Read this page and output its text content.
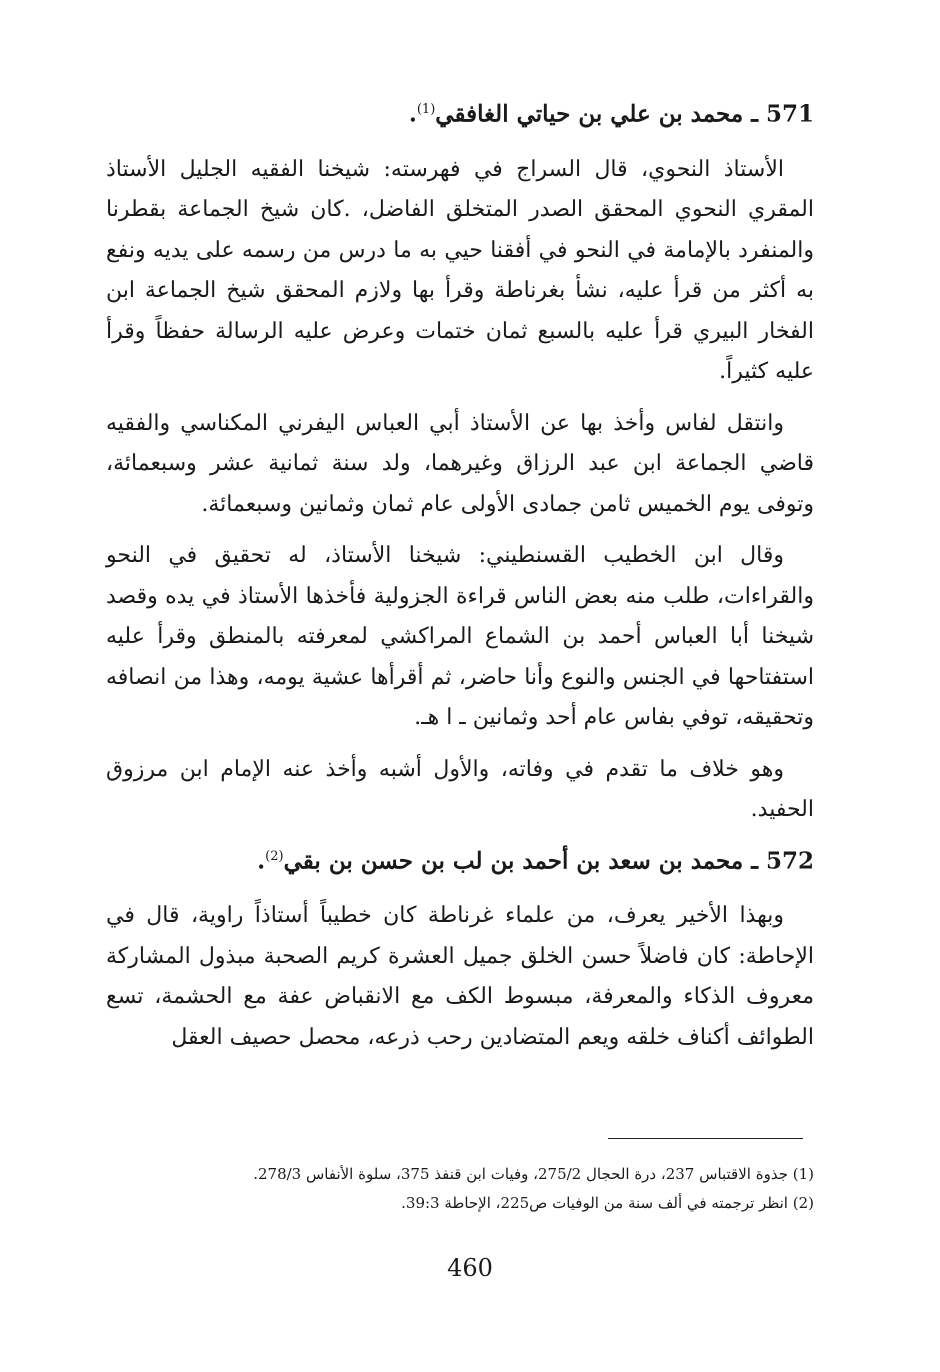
571 ـ محمد بن علي بن حياتي الغافقي$^{(1)}$.

الأستاذ النحوي، قال السراج في فهرسته: شيخنا الفقيه الجليل الأستاذ المقري النحوي المحقق الصدر المتخلق الفاضل، .كان شيخ الجماعة بقطرنا والمنفرد بالإمامة في النحو في أفقنا حيي به ما درس من رسمه على يديه ونفع به أكثر من قرأ عليه، نشأ بغرناطة وقرأ بها ولازم المحقق شيخ الجماعة ابن الفخار البيري قرأ عليه بالسبع ثمان ختمات وعرض عليه الرسالة حفظاً وقرأ عليه كثيراً.

وانتقل لفاس وأخذ بها عن الأستاذ أبي العباس اليفرني المكناسي والفقيه قاضي الجماعة ابن عبد الرزاق وغيرهما، ولد سنة ثمانية عشر وسبعمائة، وتوفى يوم الخميس ثامن جمادى الأولى عام ثمان وثمانين وسبعمائة.

وقال ابن الخطيب القسنطيني: شيخنا الأستاذ، له تحقيق في النحو والقراءات، طلب منه بعض الناس قراءة الجزولية فأخذها الأستاذ في يده وقصد شيخنا أبا العباس أحمد بن الشماع المراكشي لمعرفته بالمنطق وقرأ عليه استفتاحها في الجنس والنوع وأنا حاضر، ثم أقرأها عشية يومه، وهذا من انصافه وتحقيقه، توفي بفاس عام أحد وثمانين ـ ا هـ.

وهو خلاف ما تقدم في وفاته، والأول أشبه وأخذ عنه الإمام ابن مرزوق الحفيد.

572 ـ محمد بن سعد بن أحمد بن لب بن حسن بن بقي$^{(2)}$.

وبهذا الأخير يعرف، من علماء غرناطة كان خطيباً أستاذاً راوية، قال في الإحاطة: كان فاضلاً حسن الخلق جميل العشرة كريم الصحبة مبذول المشاركة معروف الذكاء والمعرفة، مبسوط الكف مع الانقباض عفة مع الحشمة، تسع الطوائف أكناف خلقه ويعم المتضادين رحب ذرعه، محصل حصيف العقل

(1) جذوة الاقتباس 237، درة الحجال 275/2، وفيات ابن قنفذ 375، سلوة الأنفاس 278/3.
(2) انظر ترجمته في ألف سنة من الوفيات ص225، الإحاطة 39:3.
460
